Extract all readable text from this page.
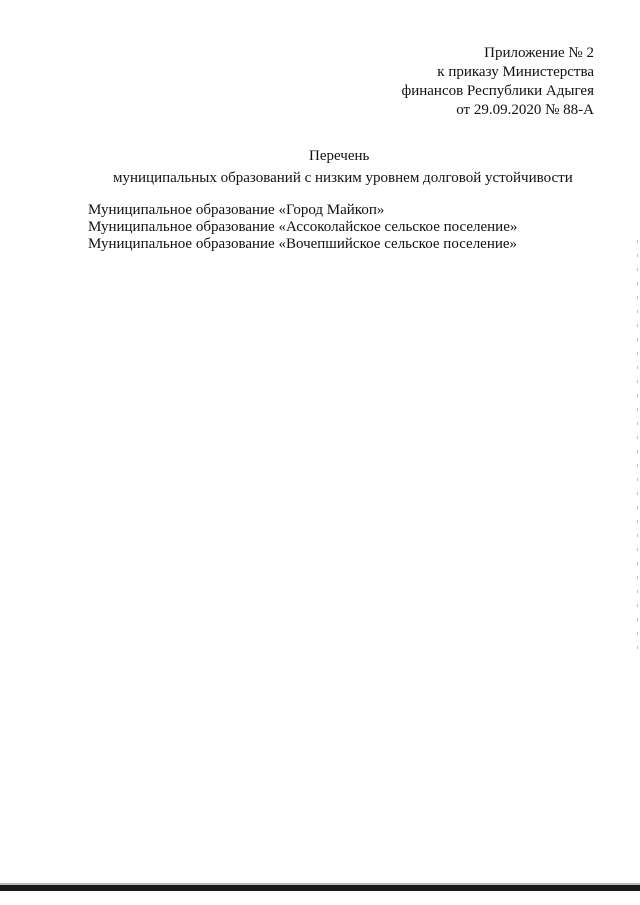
Приложение № 2
к приказу Министерства
финансов Республики Адыгея
от 29.09.2020 № 88-А
Перечень
муниципальных образований с низким уровнем долговой устойчивости
Муниципальное образование «Город Майкоп»
Муниципальное образование «Ассоколайское сельское поселение»
Муниципальное образование «Вочепшийское сельское поселение»
